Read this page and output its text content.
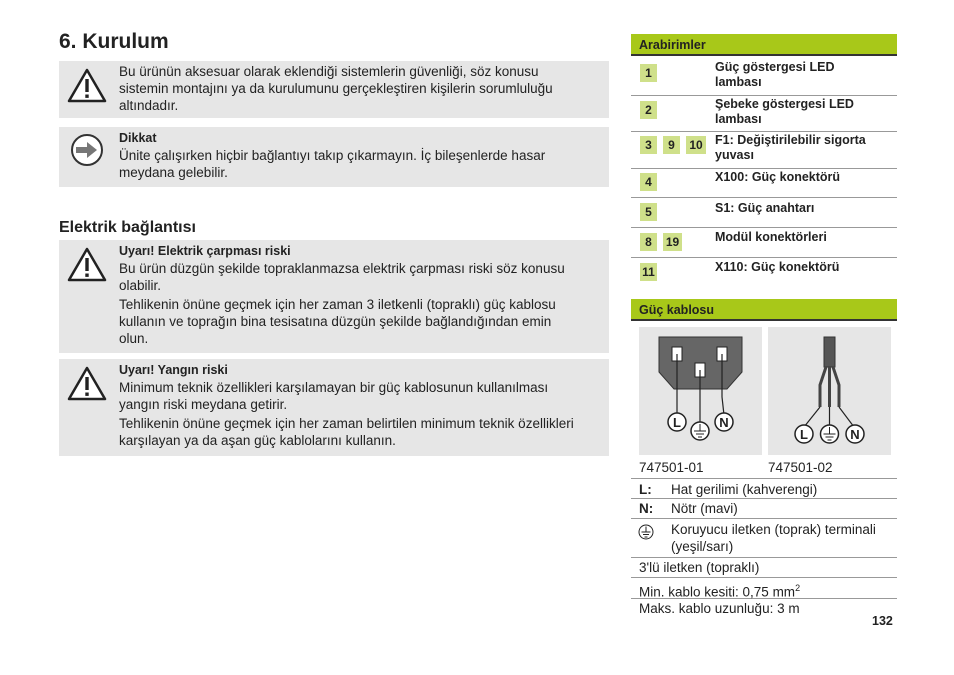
6. Kurulum
Bu ürünün aksesuar olarak eklendiği sistemlerin güvenliği, söz konusu
sistemin montajını ya da kurulumunu gerçekleştiren kişilerin sorumluluğu
altındadır.
Dikkat
Ünite çalışırken hiçbir bağlantıyı takıp çıkarmayın. İç bileşenlerde hasar
meydana gelebilir.
Elektrik bağlantısı
Uyarı! Elektrik çarpması riski
Bu ürün düzgün şekilde topraklanmazsa elektrik çarpması riski söz konusu
olabilir.
Tehlikenin önüne geçmek için her zaman 3 iletkenli (topraklı) güç kablosu
kullanın ve toprağın bina tesisatına düzgün şekilde bağlandığından emin
olun.
Uyarı! Yangın riski
Minimum teknik özellikleri karşılamayan bir güç kablosunun kullanılması
yangın riski meydana getirir.
Tehlikenin önüne geçmek için her zaman belirtilen minimum teknik özellikleri
karşılayan ya da aşan güç kablolarını kullanın.
Arabirimler
1	Güç göstergesi LED
lambası
2	Şebeke göstergesi LED
lambası
3	9	10 F1: Değiştirilebilir sigorta
yuvası
4	X100: Güç konektörü
5	S1: Güç anahtarı
8	19	Modül konektörleri
11	X110: Güç konektörü
Güç kablosu
L	N
L	N
747501-01	747501-02
L: Hat gerilimi (kahverengi)
N: Nötr (mavi)
Koruyucu iletken (toprak) terminali
(yeşil/sarı)
3'lü iletken (topraklı)
Min. kablo kesiti: 0,75 $mm^2$
Maks. kablo uzunluğu: 3 m
132
